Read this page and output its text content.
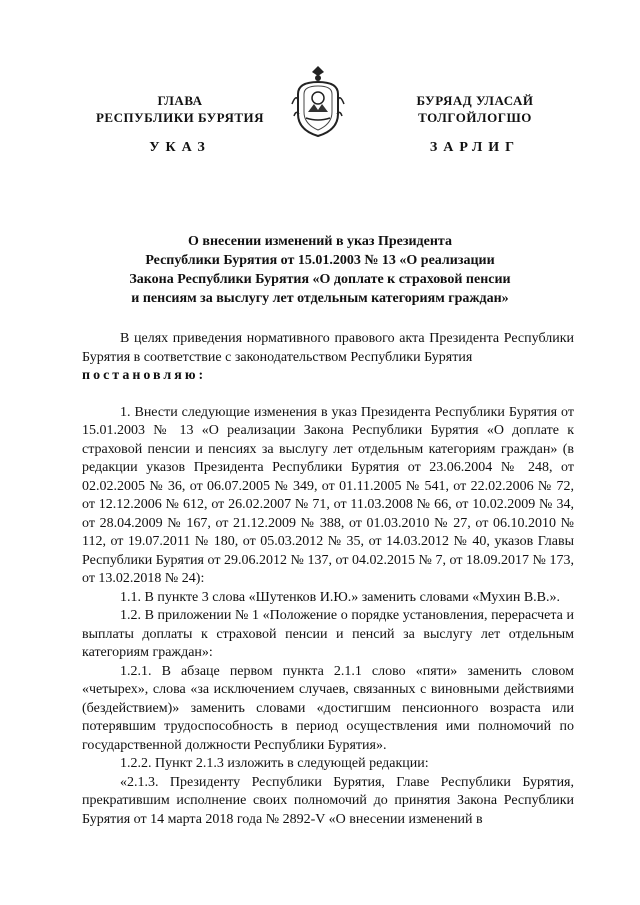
ГЛАВА
РЕСПУБЛИКИ БУРЯТИЯ
БУРЯАД УЛАСАЙ
ТОЛГОЙЛОГШО
УКАЗ	ЗАРЛИГ
О внесении изменений в указ Президента
Республики Бурятия от 15.01.2003 № 13 «О реализации
Закона Республики Бурятия «О доплате к страховой пенсии
и пенсиям за выслугу лет отдельным категориям граждан»

В целях приведения нормативного правового акта Президента Республики Бурятия в соответствие с законодательством Республики Бурятия

постановляю:

1. Внести следующие изменения в указ Президента Республики Бурятия от 15.01.2003 № 13 «О реализации Закона Республики Бурятия «О доплате к страховой пенсии и пенсиях за выслугу лет отдельным категориям граждан» (в редакции указов Президента Республики Бурятия от 23.06.2004 № 248, от 02.02.2005 № 36, от 06.07.2005 № 349, от 01.11.2005 № 541, от 22.02.2006 № 72, от 12.12.2006 № 612, от 26.02.2007 № 71, от 11.03.2008 № 66, от 10.02.2009 № 34, от 28.04.2009 № 167, от 21.12.2009 № 388, от 01.03.2010 № 27, от 06.10.2010 № 112, от 19.07.2011 № 180, от 05.03.2012 № 35, от 14.03.2012 № 40, указов Главы Республики Бурятия от 29.06.2012 № 137, от 04.02.2015 № 7, от 18.09.2017 № 173, от 13.02.2018 № 24):

1.1. В пункте 3 слова «Шутенков И.Ю.» заменить словами «Мухин В.В.».

1.2. В приложении № 1 «Положение о порядке установления, перерасчета и выплаты доплаты к страховой пенсии и пенсий за выслугу лет отдельным категориям граждан»:

1.2.1. В абзаце первом пункта 2.1.1 слово «пяти» заменить словом «четырех», слова «за исключением случаев, связанных с виновными действиями (бездействием)» заменить словами «достигшим пенсионного возраста или потерявшим трудоспособность в период осуществления ими полномочий по государственной должности Республики Бурятия».

1.2.2. Пункт 2.1.3 изложить в следующей редакции:

«2.1.3. Президенту Республики Бурятия, Главе Республики Бурятия, прекратившим исполнение своих полномочий до принятия Закона Республики Бурятия от 14 марта 2018 года № 2892-V «О внесении изменений в
